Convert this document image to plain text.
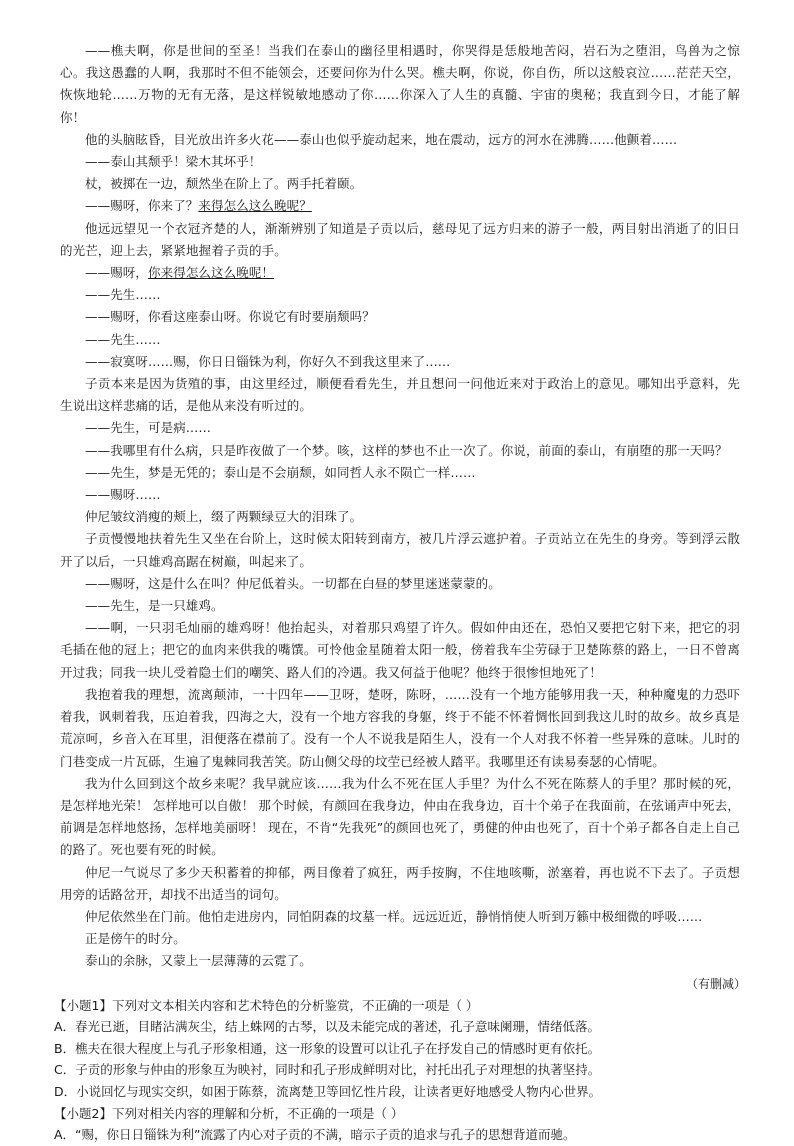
——樵夫啊，你是世间的至圣！当我们在泰山的幽径里相遇时，你哭得是恁般地苦闷，岩石为之堕泪，鸟兽为之惊心。我这愚蠢的人啊，我那时不但不能领会，还要问你为什么哭。樵夫啊，你说，你自伤，所以这般哀泣……茫茫天空，恢恢地轮……万物的无有无落，是这样锐敏地感动了你……你深入了人生的真髓、宇宙的奥秘；我直到今日，才能了解你！

他的头脑眩昏，目光放出许多火花——泰山也似乎旋动起来，地在震动，远方的河水在沸腾……他颤着……

——泰山其颓乎！梁木其坏乎！

杖，被掷在一边，颓然坐在阶上了。两手托着颐。

——赐呀，你来了？来得怎么这么晚呢？

他远远望见一个衣冠齐楚的人，渐渐辨别了知道是子贡以后，慈母见了远方归来的游子一般，两目射出消逝了的旧日的光芒，迎上去，紧紧地握着子贡的手。

——赐呀，你来得怎么这么晚呢！

——先生……

——赐呀，你看这座泰山呀。你说它有时要崩颓吗？

——先生……

——寂寞呀……赐，你日日锱铢为利，你好久不到我这里来了……

子贡本来是因为货殖的事，由这里经过，顺便看看先生，并且想问一问他近来对于政治上的意见。哪知出乎意料，先生说出这样悲痛的话，是他从来没有听过的。

——先生，可是病……

——我哪里有什么病，只是昨夜做了一个梦。咳，这样的梦也不止一次了。你说，前面的泰山，有崩堕的那一天吗？

——先生，梦是无凭的；泰山是不会崩颓，如同哲人永不陨亡一样……

——赐呀……

仲尼皱纹消瘦的颊上，缀了两颗绿豆大的泪珠了。

子贡慢慢地扶着先生又坐在台阶上，这时候太阳转到南方，被几片浮云遮护着。子贡站立在先生的身旁。等到浮云散开了以后，一只雄鸡高踞在树巅，叫起来了。

——赐呀，这是什么在叫？仲尼低着头。一切都在白昼的梦里迷迷蒙蒙的。

——先生，是一只雄鸡。

——啊，一只羽毛灿丽的雄鸡呀！他抬起头，对着那只鸡望了许久。假如仲由还在，恐怕又要把它射下来，把它的羽毛插在他的冠上；把它的血肉来供我的嘴馔。可怜他金星随着太阳一般，傍着我车尘劳碌于卫楚陈蔡的路上，一日不曾离开过我；同我一块儿受着隐士们的嘲笑、路人们的冷遇。我又何益于他呢？他终于很惨怛地死了！

我抱着我的理想，流离颠沛，一十四年——卫呀，楚呀，陈呀，……没有一个地方能够用我一天，种种魔鬼的力恐吓着我，讽刺着我，压迫着我，四海之大，没有一个地方容我的身躯，终于不能不怀着惆怅回到我这儿时的故乡。故乡真是荒凉呵，乡音入在耳里，泪便落在襟前了。没有一个人不说我是陌生人，没有一个人对我不怀着一些异殊的意味。儿时的门巷变成一片瓦砾，生遍了鬼棘同我苦笑。防山侧父母的坟茔已经被人踏平。我哪里还有读易奏瑟的心情呢。

我为什么回到这个故乡来呢？我早就应该……我为什么不死在匡人手里？为什么不死在陈蔡人的手里？那时候的死，是怎样地光荣！ 怎样地可以自傲！ 那个时候，有颜回在我身边，仲由在我身边，百十个弟子在我面前，在弦诵声中死去，前调是怎样地悠扬，怎样地美丽呀！ 现在，不肯“先我死”的颜回也死了，勇健的仲由也死了，百十个弟子都各自走上自己的路了。死也要有死的时候。

仲尼一气说尽了多少天积蓄着的抑郁，两目像着了疯狂，两手按胸，不住地咳嘶，淤塞着，再也说不下去了。子贡想用旁的话路岔开，却找不出适当的词句。

仲尼依然坐在门前。他怕走进房内，同怕阴森的坟墓一样。远远近近，静悄悄使人听到万籁中极细微的呼吸……

正是傍午的时分。

泰山的余脉，又蒙上一层薄薄的云霓了。

（有删减）

【小题1】下列对文本相关内容和艺术特色的分析鉴赏，不正确的一项是（ ）

A．春光已逝，目睹沾满灰尘，结上蛛网的古琴，以及未能完成的著述，孔子意味阑珊，情绪低落。

B．樵夫在很大程度上与孔子形象相通，这一形象的设置可以让孔子在抒发自己的情感时更有依托。

C．子贡的形象与仲由的形象互为映衬，同时和孔子形成鲜明对比，衬托出孔子对理想的执著坚持。

D．小说回忆与现实交织，如困于陈蔡，流离楚卫等回忆性片段，让读者更好地感受人物内心世界。

【小题2】下列对相关内容的理解和分析，不正确的一项是（ ）

A．“赐，你日日锱铢为利”流露了内心对子贡的不满，暗示子贡的追求与孔子的思想背道而驰。
